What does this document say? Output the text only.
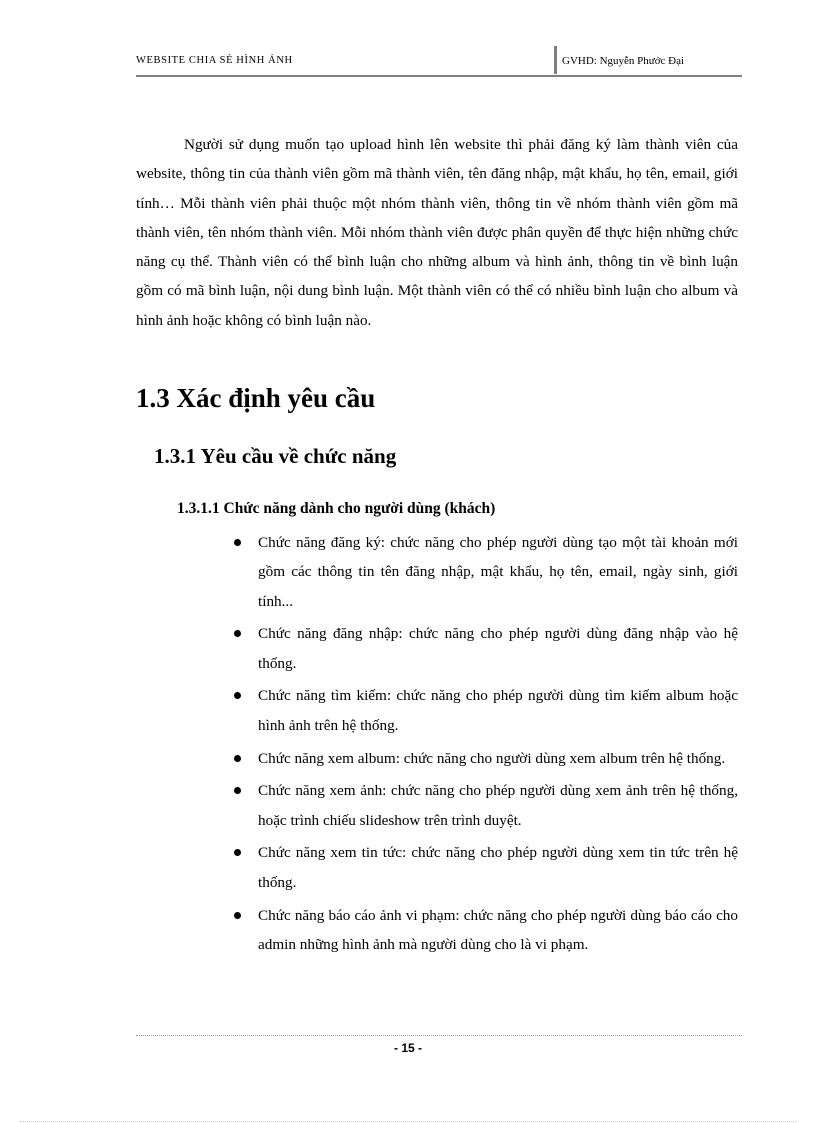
WEBSITE CHIA SẺ HÌNH ẢNH	GVHD: Nguyễn Phước Đại

Người sử dụng muốn tạo upload hình lên website thì phải đăng ký làm thành viên của website, thông tin của thành viên gồm mã thành viên, tên đăng nhập, mật khẩu, họ tên, email, giới tính… Mỗi thành viên phải thuộc một nhóm thành viên, thông tin về nhóm thành viên gồm mã thành viên, tên nhóm thành viên. Mỗi nhóm thành viên được phân quyền để thực hiện những chức năng cụ thể. Thành viên có thể bình luận cho những album và hình ảnh, thông tin về bình luận gồm có mã bình luận, nội dung bình luận. Một thành viên có thể có nhiều bình luận cho album và hình ảnh hoặc không có bình luận nào.

1.3 Xác định yêu cầu
1.3.1 Yêu cầu về chức năng
1.3.1.1 Chức năng dành cho người dùng (khách)
Chức năng đăng ký: chức năng cho phép người dùng tạo một tài khoản mới gồm các thông tin tên đăng nhập, mật khẩu, họ tên, email, ngày sinh, giới tính...
Chức năng đăng nhập: chức năng cho phép người dùng đăng nhập vào hệ thống.
Chức năng tìm kiếm: chức năng cho phép người dùng tìm kiếm album hoặc hình ảnh trên hệ thống.
Chức năng xem album: chức năng cho người dùng xem album trên hệ thống.
Chức năng xem ảnh: chức năng cho phép người dùng xem ảnh trên hệ thống, hoặc trình chiếu slideshow trên trình duyệt.
Chức năng xem tin tức: chức năng cho phép người dùng xem tin tức trên hệ thống.
Chức năng báo cáo ảnh vi phạm: chức năng cho phép người dùng báo cáo cho admin những hình ảnh mà người dùng cho là vi phạm.
- 15 -
